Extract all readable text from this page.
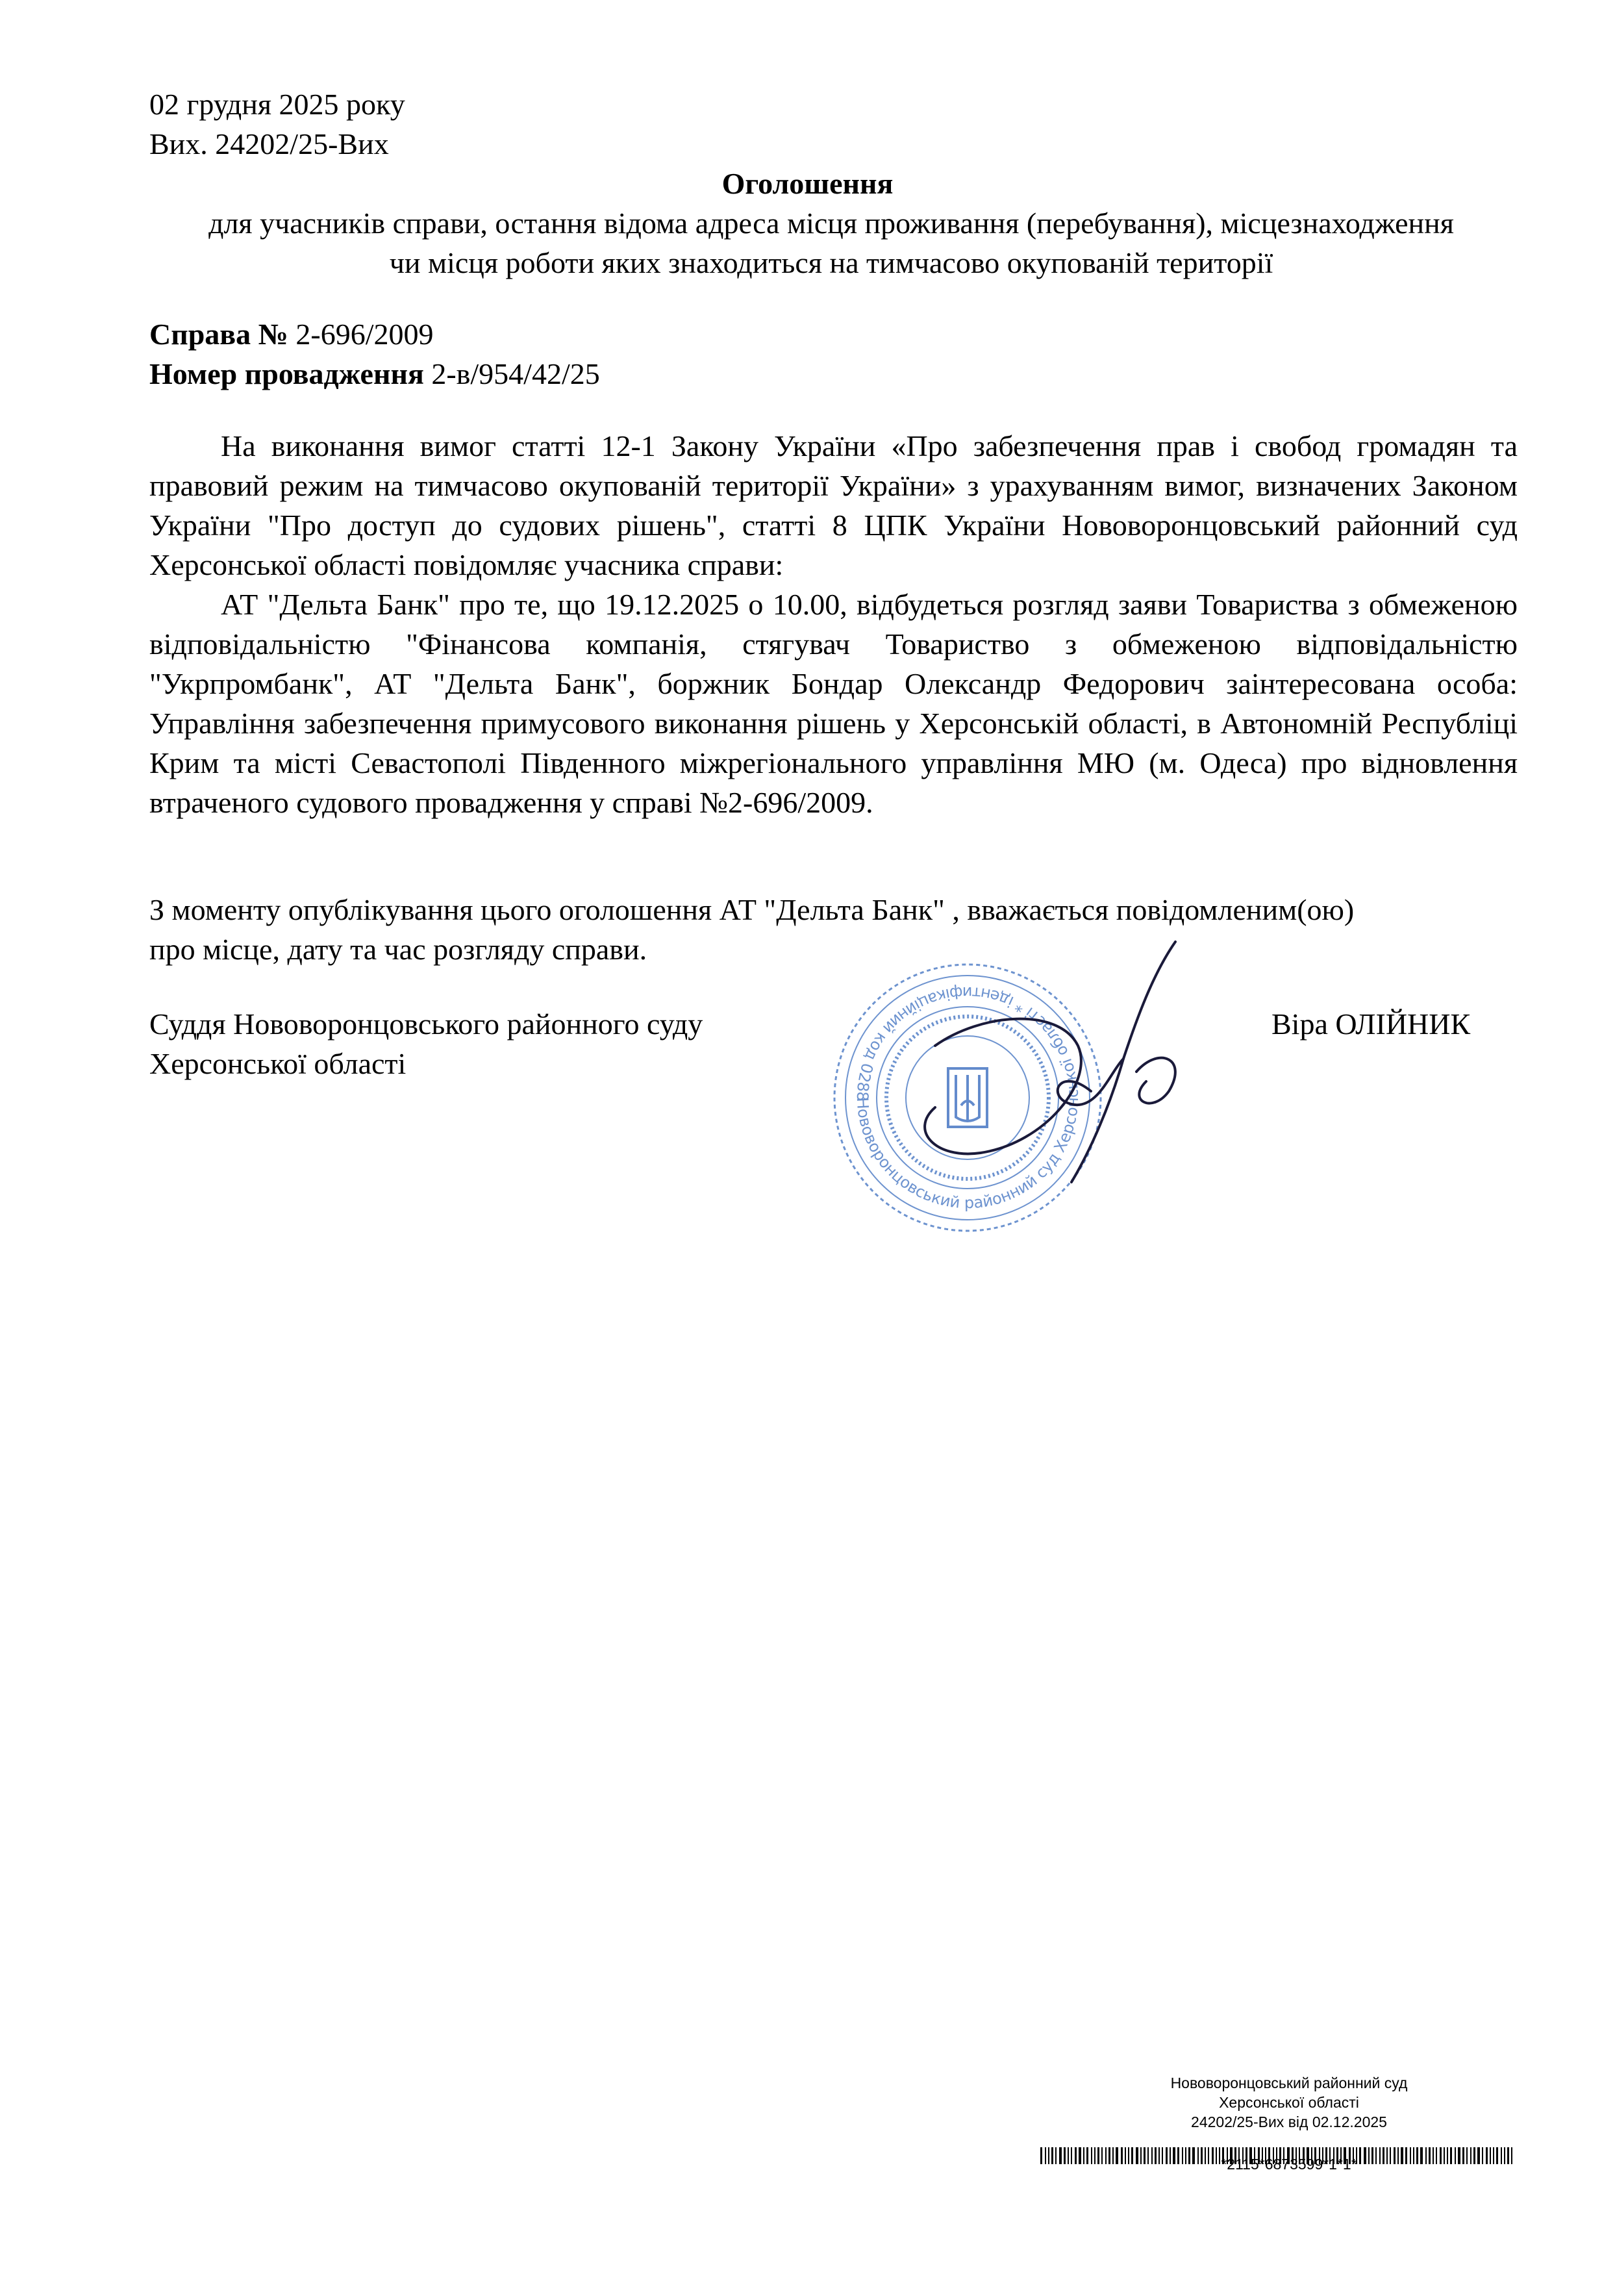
02 грудня 2025 року
Вих. 24202/25-Вих
Оголошення
для учасників справи, остання відома адреса місця проживання (перебування), місцезнаходження
чи місця роботи яких знаходиться на тимчасово окупованій території
Справа № 2-696/2009
Номер провадження 2-в/954/42/25

На виконання вимог статті 12-1 Закону України «Про забезпечення прав і свобод громадян та правовий режим на тимчасово окупованій території України» з урахуванням вимог, визначених Законом України "Про доступ до судових рішень", статті 8 ЦПК України Нововоронцовський районний суд Херсонської області повідомляє учасника справи:

АТ "Дельта Банк" про те, що 19.12.2025 о 10.00, відбудеться розгляд заяви Товариства з обмеженою відповідальністю "Фінансова компанія, стягувач Товариство з обмеженою відповідальністю "Укрпромбанк", АТ "Дельта Банк", боржник Бондар Олександр Федорович заінтересована особа: Управління забезпечення примусового виконання рішень у Херсонській області, в Автономній Республіці Крим та місті Севастополі Південного міжрегіонального управління МЮ (м. Одеса) про відновлення втраченого судового провадження у справі №2-696/2009.

З моменту опублікування цього оголошення АТ "Дельта Банк" , вважається повідомленим(ою)

про місце, дату та час розгляду справи.

Суддя Нововоронцовського районного суду
Херсонської області
Віра ОЛІЙНИК
Нововоронцовський районний суд Херсонської області * ідентифікаційний код 0288
Нововоронцовський районний суд
Херсонської області
24202/25-Вих від 02.12.2025
*2115*6873599*1*1*
